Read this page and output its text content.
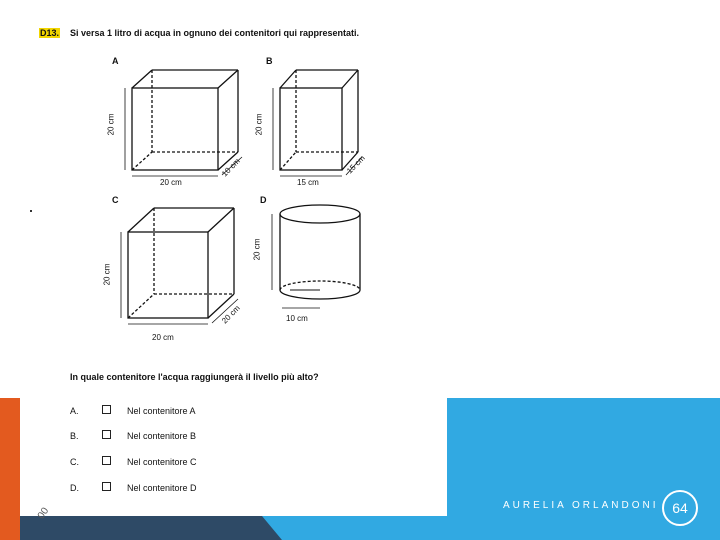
00
D13. Si versa 1 litro di acqua in ognuno dei contenitori qui rappresentati.
A	B
C	D
20 cm
20 cm
10 cm
20 cm
15 cm
15 cm
20 cm
20 cm
20 cm
20 cm
10 cm
In quale contenitore l'acqua raggiungerà il livello più alto?
A.	Nel contenitore A
B.	Nel contenitore B
C.	Nel contenitore C
D.	Nel contenitore D
AURELIA ORLANDONI 64
